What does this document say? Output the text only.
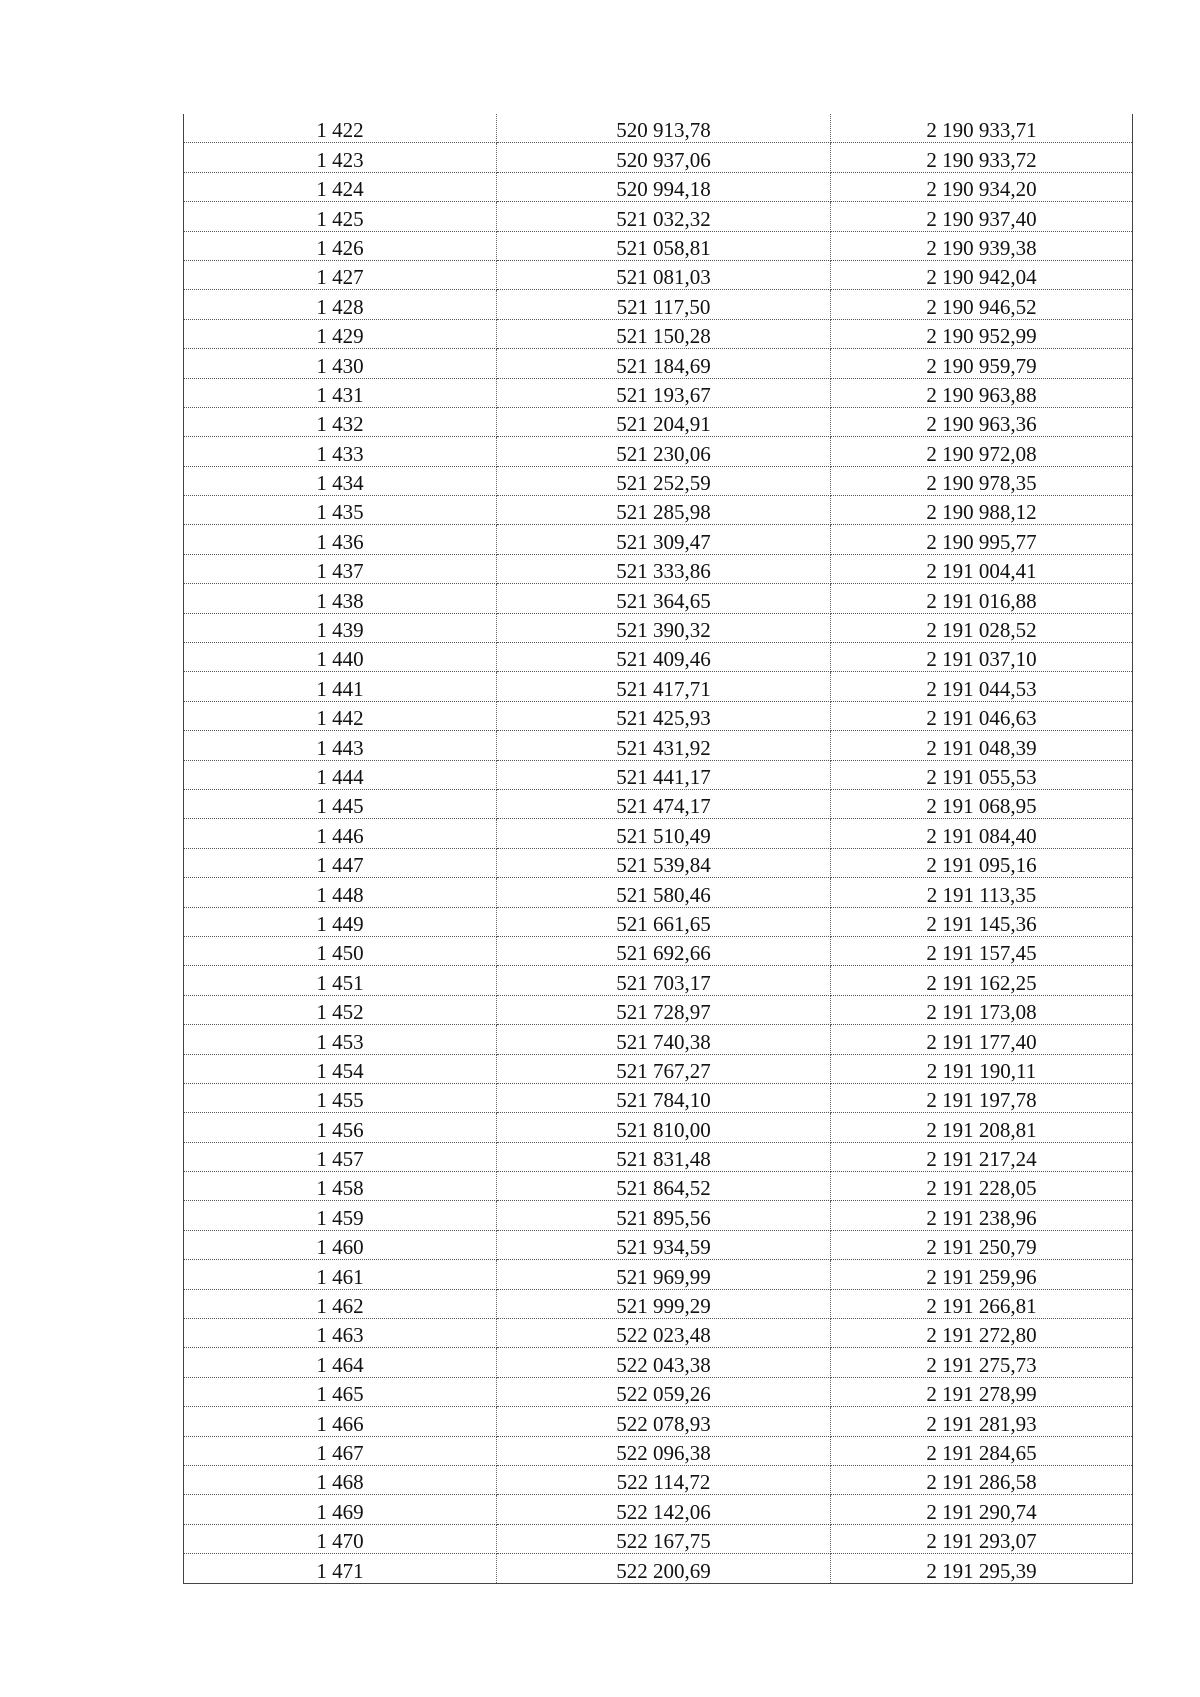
1 422	520 913,78	2 190 933,71
1 423	520 937,06	2 190 933,72
1 424	520 994,18	2 190 934,20
1 425	521 032,32	2 190 937,40
1 426	521 058,81	2 190 939,38
1 427	521 081,03	2 190 942,04
1 428	521 117,50	2 190 946,52
1 429	521 150,28	2 190 952,99
1 430	521 184,69	2 190 959,79
1 431	521 193,67	2 190 963,88
1 432	521 204,91	2 190 963,36
1 433	521 230,06	2 190 972,08
1 434	521 252,59	2 190 978,35
1 435	521 285,98	2 190 988,12
1 436	521 309,47	2 190 995,77
1 437	521 333,86	2 191 004,41
1 438	521 364,65	2 191 016,88
1 439	521 390,32	2 191 028,52
1 440	521 409,46	2 191 037,10
1 441	521 417,71	2 191 044,53
1 442	521 425,93	2 191 046,63
1 443	521 431,92	2 191 048,39
1 444	521 441,17	2 191 055,53
1 445	521 474,17	2 191 068,95
1 446	521 510,49	2 191 084,40
1 447	521 539,84	2 191 095,16
1 448	521 580,46	2 191 113,35
1 449	521 661,65	2 191 145,36
1 450	521 692,66	2 191 157,45
1 451	521 703,17	2 191 162,25
1 452	521 728,97	2 191 173,08
1 453	521 740,38	2 191 177,40
1 454	521 767,27	2 191 190,11
1 455	521 784,10	2 191 197,78
1 456	521 810,00	2 191 208,81
1 457	521 831,48	2 191 217,24
1 458	521 864,52	2 191 228,05
1 459	521 895,56	2 191 238,96
1 460	521 934,59	2 191 250,79
1 461	521 969,99	2 191 259,96
1 462	521 999,29	2 191 266,81
1 463	522 023,48	2 191 272,80
1 464	522 043,38	2 191 275,73
1 465	522 059,26	2 191 278,99
1 466	522 078,93	2 191 281,93
1 467	522 096,38	2 191 284,65
1 468	522 114,72	2 191 286,58
1 469	522 142,06	2 191 290,74
1 470	522 167,75	2 191 293,07
1 471	522 200,69	2 191 295,39
